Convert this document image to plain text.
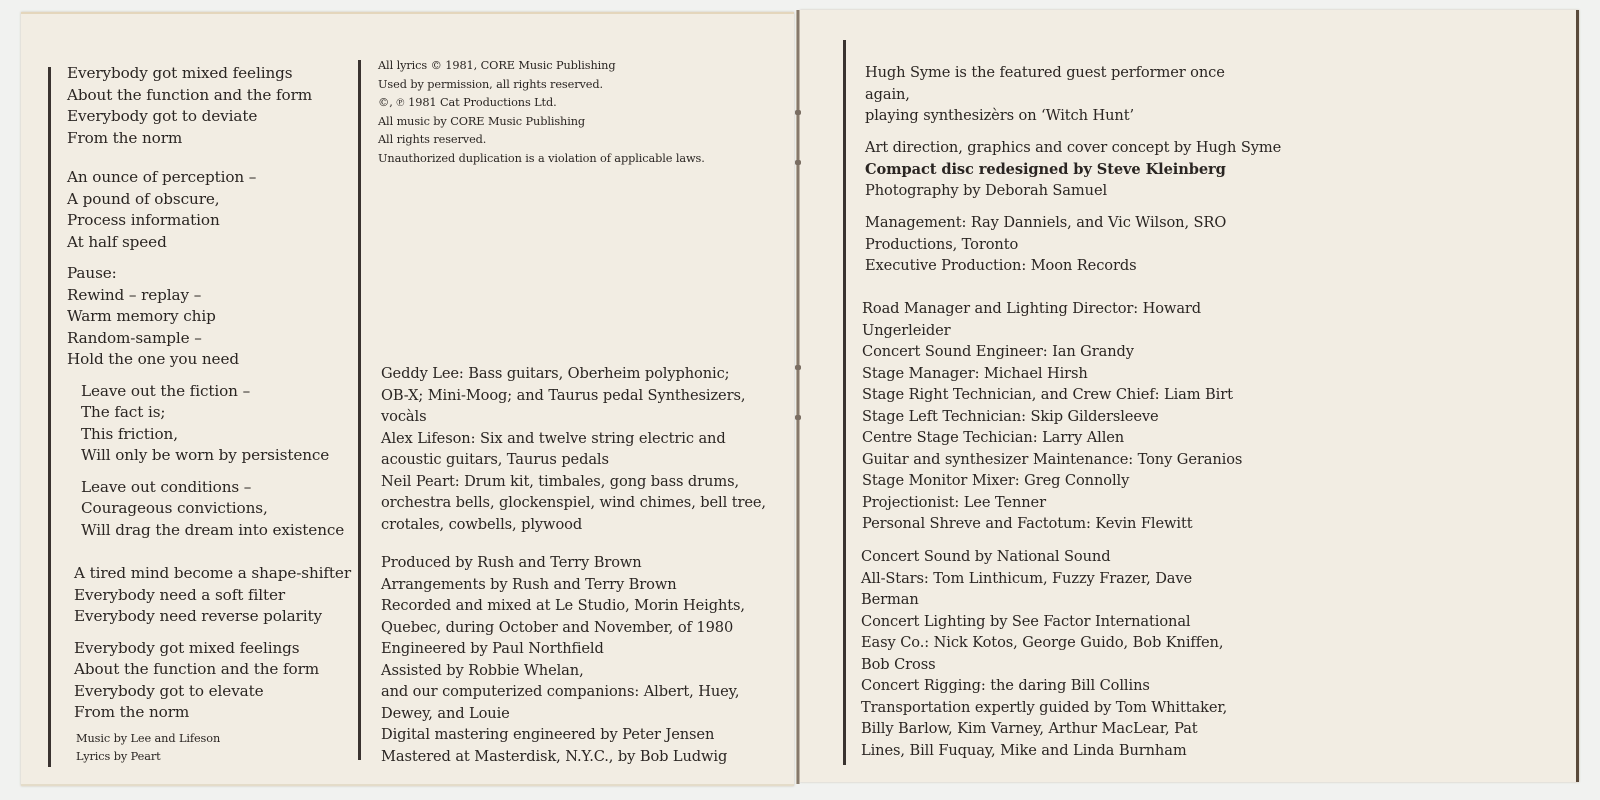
Everybody got mixed feelings
About the function and the form
Everybody got to deviate
From the norm
An ounce of perception –
A pound of obscure,
Process information
At half speed
Pause:
Rewind – replay –
Warm memory chip
Random-sample –
Hold the one you need
Leave out the fiction –
The fact is;
This friction,
Will only be worn by persistence
Leave out conditions –
Courageous convictions,
Will drag the dream into existence
A tired mind become a shape-shifter
Everybody need a soft filter
Everybody need reverse polarity
Everybody got mixed feelings
About the function and the form
Everybody got to elevate
From the norm
Music by Lee and Lifeson
Lyrics by Peart
All lyrics © 1981, CORE Music Publishing
Used by permission, all rights reserved.
©, ℗ 1981 Cat Productions Ltd.
All music by CORE Music Publishing
All rights reserved.
Unauthorized duplication is a violation of applicable laws.
Geddy Lee: Bass guitars, Oberheim polyphonic;
OB-X; Mini-Moog; and Taurus pedal Synthesizers,
vocàls
Alex Lifeson: Six and twelve string electric and
acoustic guitars, Taurus pedals
Neil Peart: Drum kit, timbales, gong bass drums,
orchestra bells, glockenspiel, wind chimes, bell tree,
crotales, cowbells, plywood
Produced by Rush and Terry Brown
Arrangements by Rush and Terry Brown
Recorded and mixed at Le Studio, Morin Heights,
Quebec, during October and November, of 1980
Engineered by Paul Northfield
Assisted by Robbie Whelan,
and our computerized companions: Albert, Huey,
Dewey, and Louie
Digital mastering engineered by Peter Jensen
Mastered at Masterdisk, N.Y.C., by Bob Ludwig
Hugh Syme is the featured guest performer once
again,
playing synthesizèrs on ‘Witch Hunt’
Art direction, graphics and cover concept by Hugh Syme
Compact disc redesigned by Steve Kleinberg
Photography by Deborah Samuel
Management: Ray Danniels, and Vic Wilson, SRO
Productions, Toronto
Executive Production: Moon Records
Road Manager and Lighting Director: Howard
Ungerleider
Concert Sound Engineer: Ian Grandy
Stage Manager: Michael Hirsh
Stage Right Technician, and Crew Chief: Liam Birt
Stage Left Technician: Skip Gildersleeve
Centre Stage Techician: Larry Allen
Guitar and synthesizer Maintenance: Tony Geranios
Stage Monitor Mixer: Greg Connolly
Projectionist: Lee Tenner
Personal Shreve and Factotum: Kevin Flewitt
Concert Sound by National Sound
All-Stars: Tom Linthicum, Fuzzy Frazer, Dave
Berman
Concert Lighting by See Factor International
Easy Co.: Nick Kotos, George Guido, Bob Kniffen,
Bob Cross
Concert Rigging: the daring Bill Collins
Transportation expertly guided by Tom Whittaker,
Billy Barlow, Kim Varney, Arthur MacLear, Pat
Lines, Bill Fuquay, Mike and Linda Burnham
